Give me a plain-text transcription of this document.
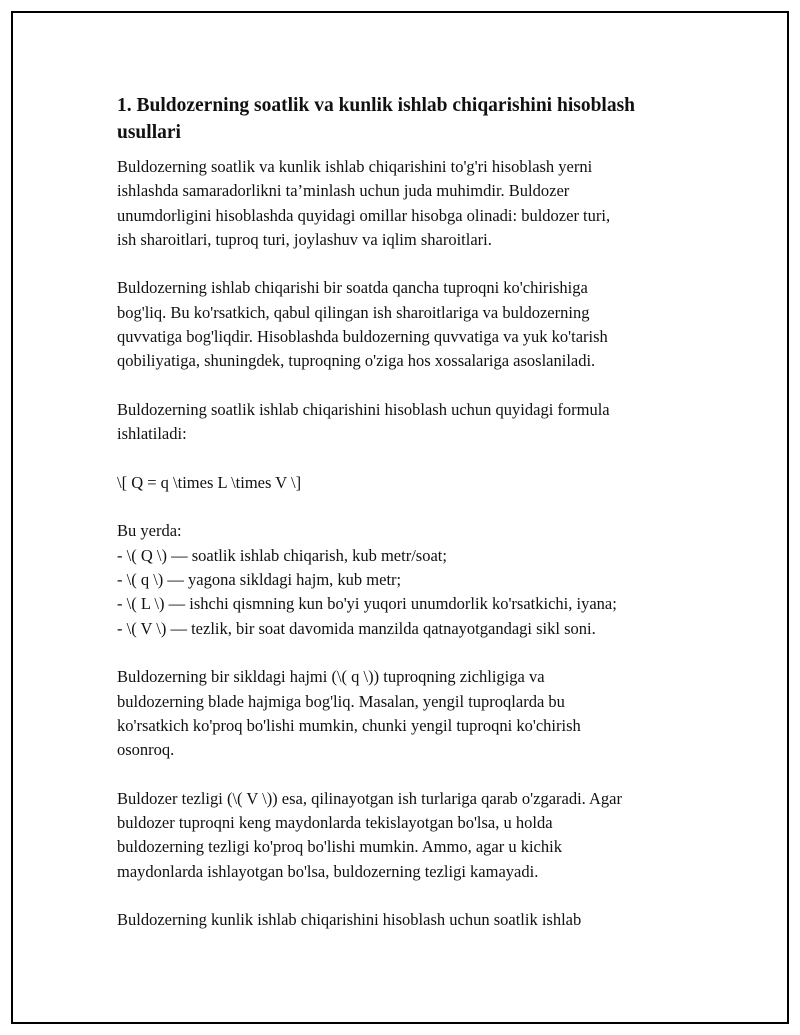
1. Buldozerning soatlik va kunlik ishlab chiqarishini hisoblash
usullari

Buldozerning soatlik va kunlik ishlab chiqarishini to'g'ri hisoblash yerni
ishlashda samaradorlikni ta’minlash uchun juda muhimdir. Buldozer
unumdorligini hisoblashda quyidagi omillar hisobga olinadi: buldozer turi,
ish sharoitlari, tuproq turi, joylashuv va iqlim sharoitlari.

Buldozerning ishlab chiqarishi bir soatda qancha tuproqni ko'chirishiga
bog'liq. Bu ko'rsatkich, qabul qilingan ish sharoitlariga va buldozerning
quvvatiga bog'liqdir. Hisoblashda buldozerning quvvatiga va yuk ko'tarish
qobiliyatiga, shuningdek, tuproqning o'ziga hos xossalariga asoslaniladi.

Buldozerning soatlik ishlab chiqarishini hisoblash uchun quyidagi formula
ishlatiladi:

\[ Q = q \times L \times V \]

Bu yerda:
- \( Q \) — soatlik ishlab chiqarish, kub metr/soat;
- \( q \) — yagona sikldagi hajm, kub metr;
- \( L \) — ishchi qismning kun bo'yi yuqori unumdorlik ko'rsatkichi, iyana;
- \( V \) — tezlik, bir soat davomida manzilda qatnayotgandagi sikl soni.

Buldozerning bir sikldagi hajmi (\( q \)) tuproqning zichligiga va
buldozerning blade hajmiga bog'liq. Masalan, yengil tuproqlarda bu
ko'rsatkich ko'proq bo'lishi mumkin, chunki yengil tuproqni ko'chirish
osonroq.

Buldozer tezligi (\( V \)) esa, qilinayotgan ish turlariga qarab o'zgaradi. Agar
buldozer tuproqni keng maydonlarda tekislayotgan bo'lsa, u holda
buldozerning tezligi ko'proq bo'lishi mumkin. Ammo, agar u kichik
maydonlarda ishlayotgan bo'lsa, buldozerning tezligi kamayadi.

Buldozerning kunlik ishlab chiqarishini hisoblash uchun soatlik ishlab
